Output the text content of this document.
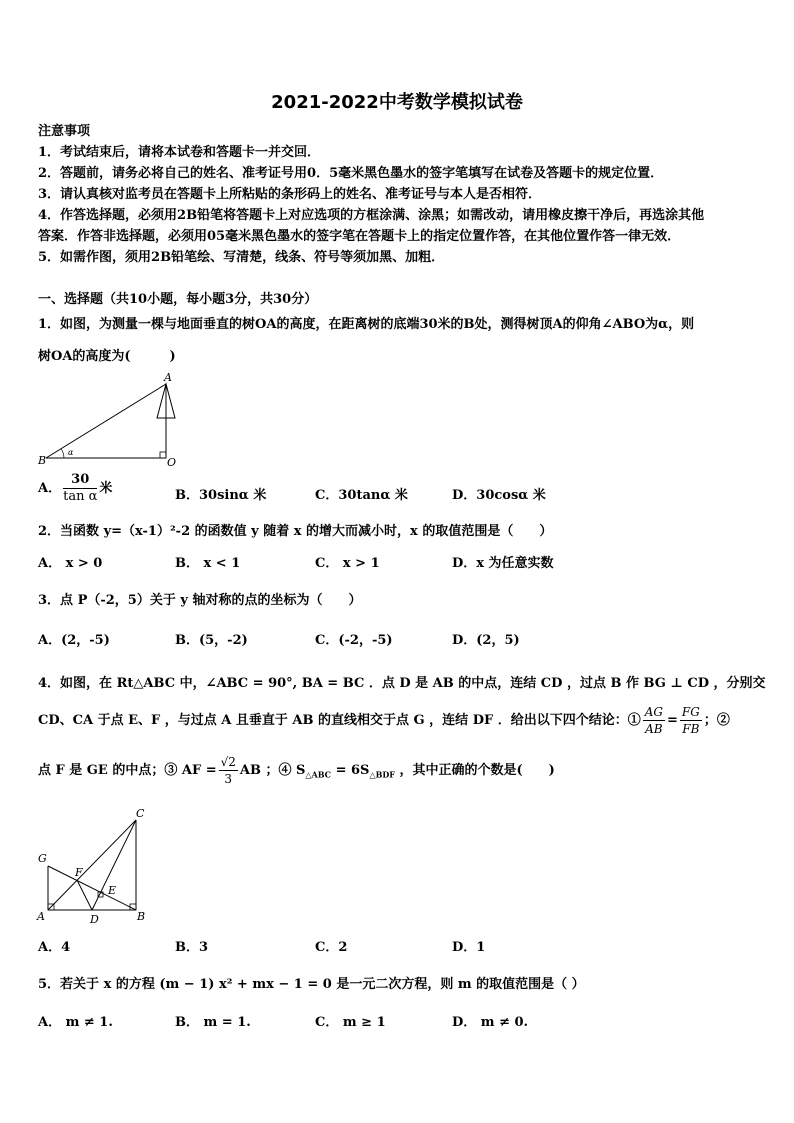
2021-2022中考数学模拟试卷
注意事项
1．考试结束后，请将本试卷和答题卡一并交回．
2．答题前，请务必将自己的姓名、准考证号用0．5毫米黑色墨水的签字笔填写在试卷及答题卡的规定位置．
3．请认真核对监考员在答题卡上所粘贴的条形码上的姓名、准考证号与本人是否相符．
4．作答选择题，必须用2B铅笔将答题卡上对应选项的方框涂满、涂黑；如需改动，请用橡皮擦干净后，再选涂其他
答案．作答非选择题，必须用05毫米黑色墨水的签字笔在答题卡上的指定位置作答，在其他位置作答一律无效．
5．如需作图，须用2B铅笔绘、写清楚，线条、符号等须加黑、加粗．
一、选择题（共10小题，每小题3分，共30分）
1．如图，为测量一棵与地面垂直的树OA的高度，在距离树的底端30米的B处，测得树顶A的仰角∠ABO为α，则
树OA的高度为(　　　)
A
B	O
α
A． $\frac{30}{\text{tan α}}$ 米	B．30sinα 米	C．30tanα 米	D．30cosα 米
2．当函数 y=（x-1）²-2 的函数值 y 随着 x 的增大而减小时，x 的取值范围是（　　）
A． x > 0	B． x < 1	C． x > 1	D．x 为任意实数
3．点 P（-2，5）关于 y 轴对称的点的坐标为（　　）
A．(2，-5)	B．(5，-2)	C．(-2，-5)	D．(2，5)
4．如图，在 Rt△ABC 中，∠ABC = 90°, BA = BC ．点 D 是 AB 的中点，连结 CD ，过点 B 作 BG ⊥ CD ，分别交
CD、CA 于点 E、F ，与过点 A 且垂直于 AB 的直线相交于点 G ，连结 DF ．给出以下四个结论：① $\frac{AG}{AB} = \frac{FG}{FB}$ ；②
点 F 是 GE 的中点；③ AF = $\frac{√2}{3}$ AB ；④ $S_{\triangle ABC} = 6S_{\triangle BDF}$ ，其中正确的个数是(　　)
C
G
F
E
A	D	B
A．4	B．3	C．2	D．1
5．若关于 x 的方程 (m − 1) x² + mx − 1 = 0 是一元二次方程，则 m 的取值范围是（ ）
A． m ≠ 1.	B． m = 1.	C． m ≥ 1	D． m ≠ 0.
